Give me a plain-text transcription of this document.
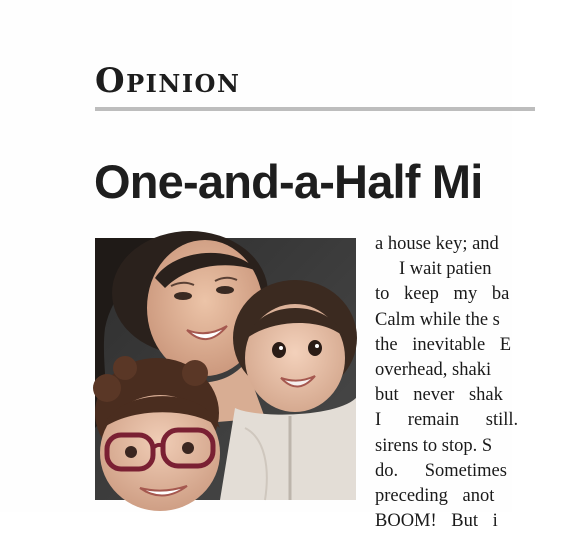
Opinion
One-and-a-Half Mi
a house key; and
I wait patien
to keep my ba
Calm while the s
the inevitable E
overhead, shaki
but never shak
I remain still.
sirens to stop. S
do. Sometimes
preceding anot
BOOM! But i
